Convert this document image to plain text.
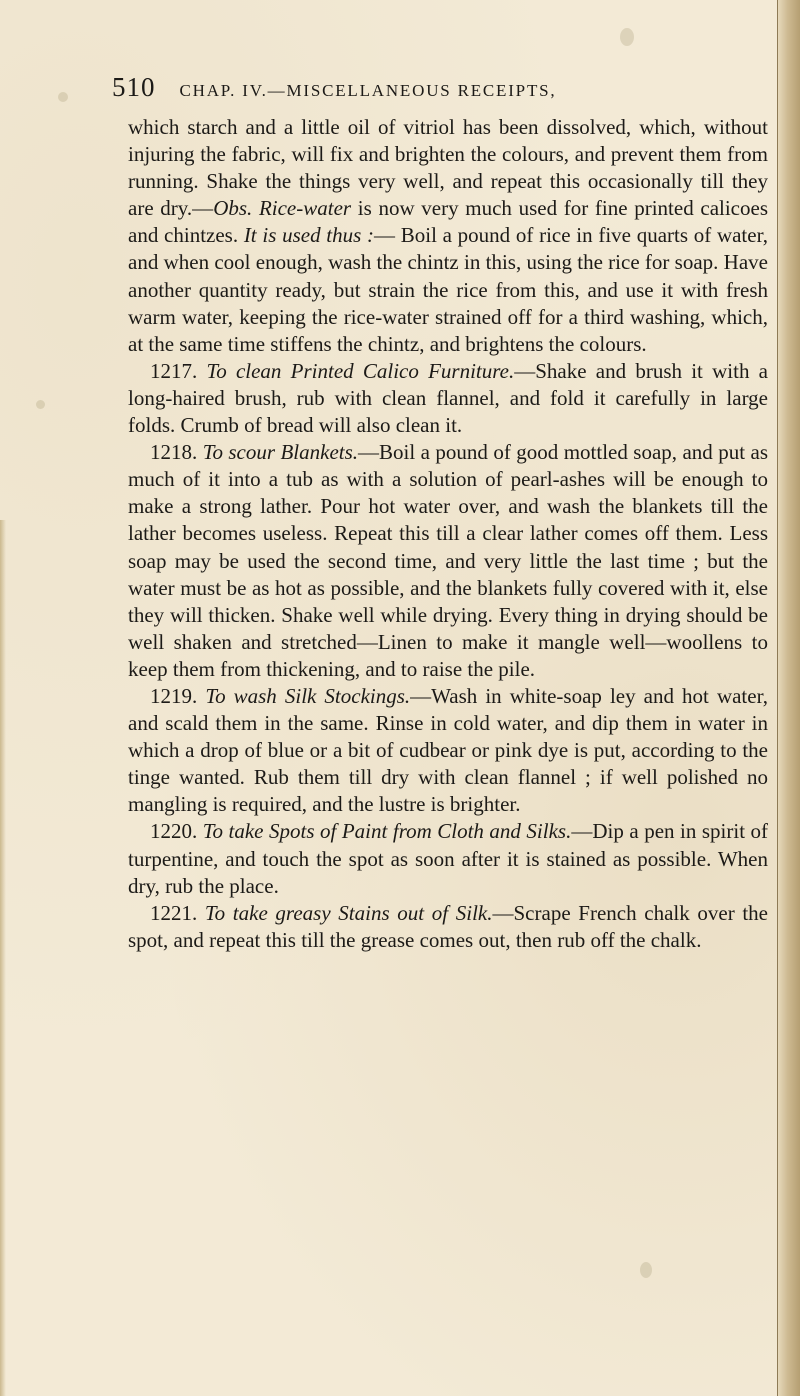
510 CHAP. IV.—MISCELLANEOUS RECEIPTS,

which starch and a little oil of vitriol has been dissolved, which, without injuring the fabric, will fix and brighten the colours, and prevent them from running. Shake the things very well, and repeat this occasionally till they are dry.—Obs. Rice-water is now very much used for fine printed calicoes and chintzes. It is used thus :— Boil a pound of rice in five quarts of water, and when cool enough, wash the chintz in this, using the rice for soap. Have another quantity ready, but strain the rice from this, and use it with fresh warm water, keeping the rice-water strained off for a third washing, which, at the same time stiffens the chintz, and brightens the colours.

1217. To clean Printed Calico Furniture.—Shake and brush it with a long-haired brush, rub with clean flannel, and fold it carefully in large folds. Crumb of bread will also clean it.

1218. To scour Blankets.—Boil a pound of good mottled soap, and put as much of it into a tub as with a solution of pearl-ashes will be enough to make a strong lather. Pour hot water over, and wash the blankets till the lather becomes useless. Repeat this till a clear lather comes off them. Less soap may be used the second time, and very little the last time ; but the water must be as hot as possible, and the blankets fully covered with it, else they will thicken. Shake well while drying. Every thing in drying should be well shaken and stretched—Linen to make it mangle well—woollens to keep them from thickening, and to raise the pile.

1219. To wash Silk Stockings.—Wash in white-soap ley and hot water, and scald them in the same. Rinse in cold water, and dip them in water in which a drop of blue or a bit of cudbear or pink dye is put, according to the tinge wanted. Rub them till dry with clean flannel ; if well polished no mangling is required, and the lustre is brighter.

1220. To take Spots of Paint from Cloth and Silks.—Dip a pen in spirit of turpentine, and touch the spot as soon after it is stained as possible. When dry, rub the place.

1221. To take greasy Stains out of Silk.—Scrape French chalk over the spot, and repeat this till the grease comes out, then rub off the chalk.
